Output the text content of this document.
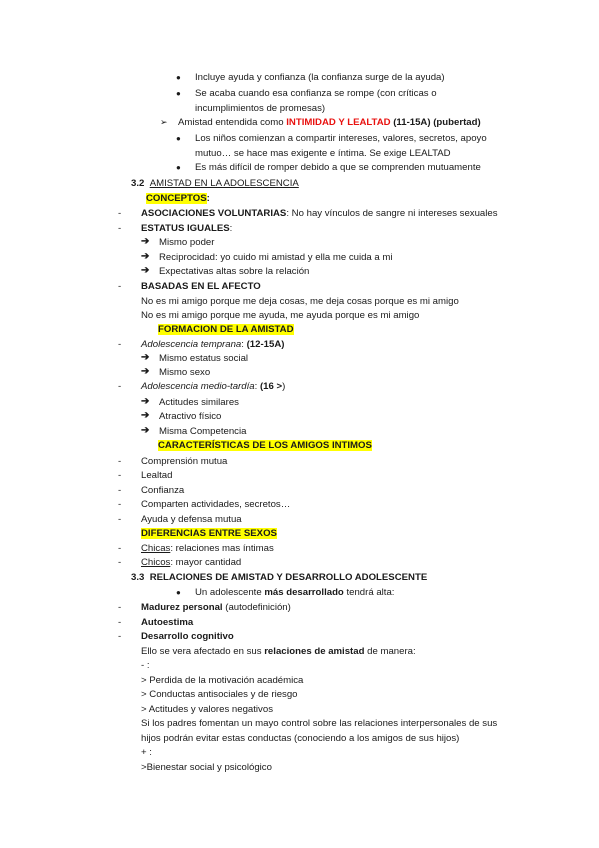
● Incluye ayuda y confianza (la confianza surge de la ayuda)
● Se acaba cuando esa confianza se rompe (con críticas o
incumplimientos de promesas)
➢ Amistad entendida como INTIMIDAD Y LEALTAD (11-15A) (pubertad)
● Los niños comienzan a compartir intereses, valores, secretos, apoyo
mutuo… se hace mas exigente e íntima. Se exige LEALTAD
● Es más difícil de romper debido a que se comprenden mutuamente
3.2 AMISTAD EN LA ADOLESCENCIA
CONCEPTOS:
- ASOCIACIONES VOLUNTARIAS: No hay vínculos de sangre ni intereses sexuales
- ESTATUS IGUALES:
➔ Mismo poder
➔ Reciprocidad: yo cuido mi amistad y ella me cuida a mi
➔ Expectativas altas sobre la relación
- BASADAS EN EL AFECTO
No es mi amigo porque me deja cosas, me deja cosas porque es mi amigo
No es mi amigo porque me ayuda, me ayuda porque es mi amigo
FORMACION DE LA AMISTAD
- Adolescencia temprana: (12-15A)
➔ Mismo estatus social
➔ Mismo sexo
- Adolescencia medio-tardía: (16 >)
➔ Actitudes similares
➔ Atractivo físico
➔ Misma Competencia
CARACTERÍSTICAS DE LOS AMIGOS INTIMOS
- Comprensión mutua
- Lealtad
- Confianza
- Comparten actividades, secretos…
- Ayuda y defensa mutua
DIFERENCIAS ENTRE SEXOS
- Chicas: relaciones mas íntimas
- Chicos: mayor cantidad
3.3 RELACIONES DE AMISTAD Y DESARROLLO ADOLESCENTE
● Un adolescente más desarrollado tendrá alta:
- Madurez personal (autodefinición)
- Autoestima
- Desarrollo cognitivo
Ello se vera afectado en sus relaciones de amistad de manera:
- :
> Perdida de la motivación académica
> Conductas antisociales y de riesgo
> Actitudes y valores negativos
Si los padres fomentan un mayo control sobre las relaciones interpersonales de sus
hijos podrán evitar estas conductas (conociendo a los amigos de sus hijos)
+ :
>Bienestar social y psicológico
